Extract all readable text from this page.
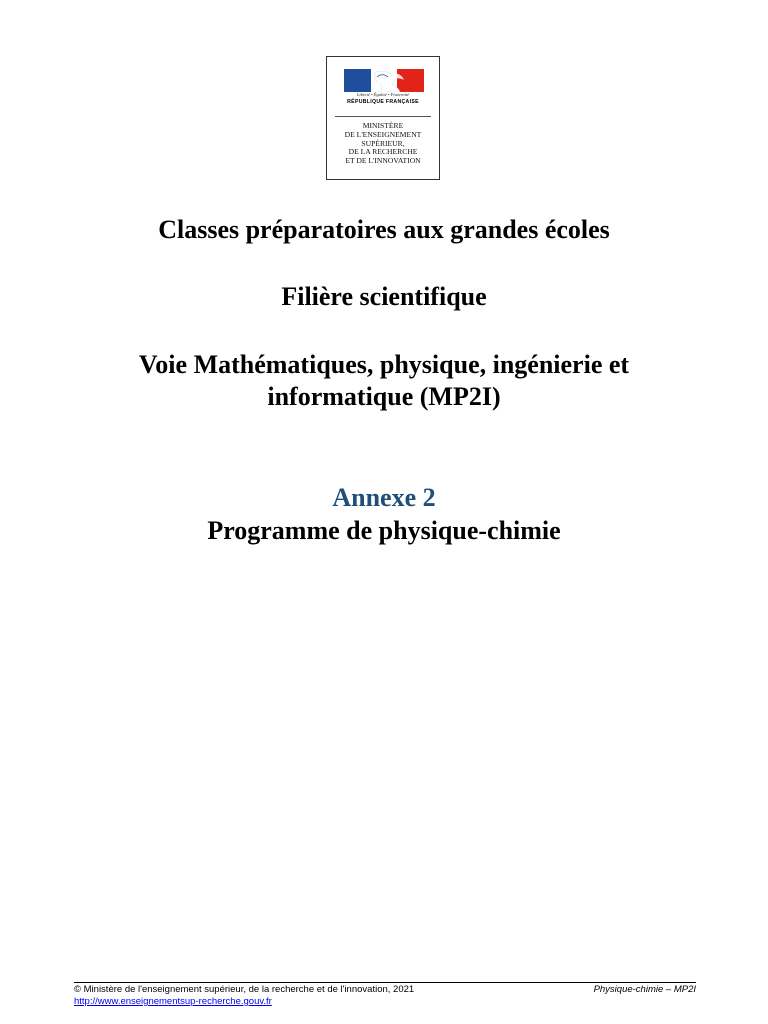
Liberté • Égalité • Fraternité
RÉPUBLIQUE FRANÇAISE
MINISTÈRE
DE L'ENSEIGNEMENT
SUPÉRIEUR,
DE LA RECHERCHE
ET DE L'INNOVATION
Classes préparatoires aux grandes écoles
Filière scientifique
Voie Mathématiques, physique, ingénierie et
informatique (MP2I)
Annexe 2
Programme de physique-chimie
© Ministère de l'enseignement supérieur, de la recherche et de l'innovation, 2021
http://www.enseignementsup-recherche.gouv.fr
Physique-chimie – MP2I
